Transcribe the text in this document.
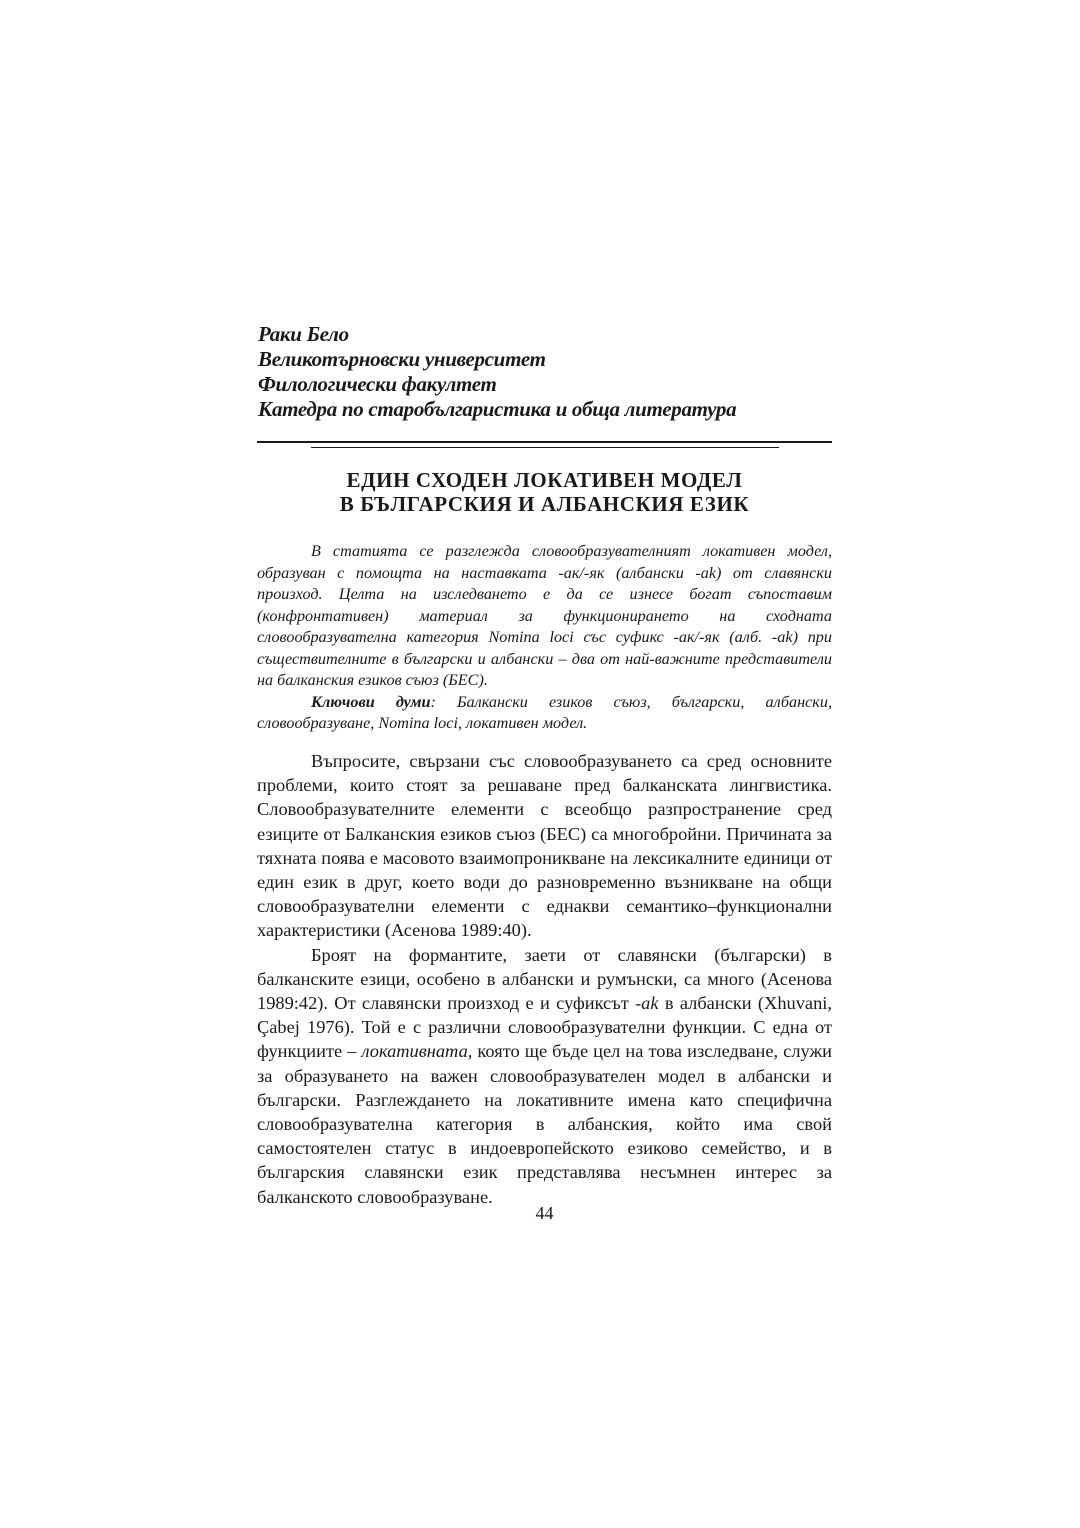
Раки Бело
Великотърновски университет
Филологически факултет
Катедра по старобългаристика и обща литература
ЕДИН СХОДЕН ЛОКАТИВЕН МОДЕЛ
В БЪЛГАРСКИЯ И АЛБАНСКИЯ ЕЗИК

В статията се разглежда словообразувателният локативен модел, образуван с помощта на наставката -ак/-як (албански -ak) от славянски произход. Целта на изследването е да се изнесе богат съпоставим (конфронтативен) материал за функционирането на сходната словообразувателна категория Nomina loci със суфикс -ак/-як (алб. -ak) при съществителните в български и албански – два от най-важните представители на балканския езиков съюз (БЕС).

Ключови думи: Балкански езиков съюз, български, албански, словообразуване, Nomina loci, локативен модел.

Въпросите, свързани със словообразуването са сред основните проблеми, които стоят за решаване пред балканската лингвистика. Словообразувателните елементи с всеобщо разпространение сред езиците от Балканския езиков съюз (БЕС) са многобройни. Причината за тяхната поява е масовото взаимопроникване на лексикалните единици от един език в друг, което води до разновременно възникване на общи словообразувателни елементи с еднакви семантико–функционални характеристики (Асенова 1989:40).

Броят на формантите, заети от славянски (български) в балканските езици, особено в албански и румънски, са много (Асенова 1989:42). От славянски произход е и суфиксът -ak в албански (Xhuvani, Çabej 1976). Той е с различни словообразувателни функции. С една от функциите – локативната, която ще бъде цел на това изследване, служи за образуването на важен словообразувателен модел в албански и български. Разглеждането на локативните имена като специфична словообразувателна категория в албанския, който има свой самостоятелен статус в индоевропейското езиково семейство, и в българския славянски език представлява несъмнен интерес за балканското словообразуване.

44
